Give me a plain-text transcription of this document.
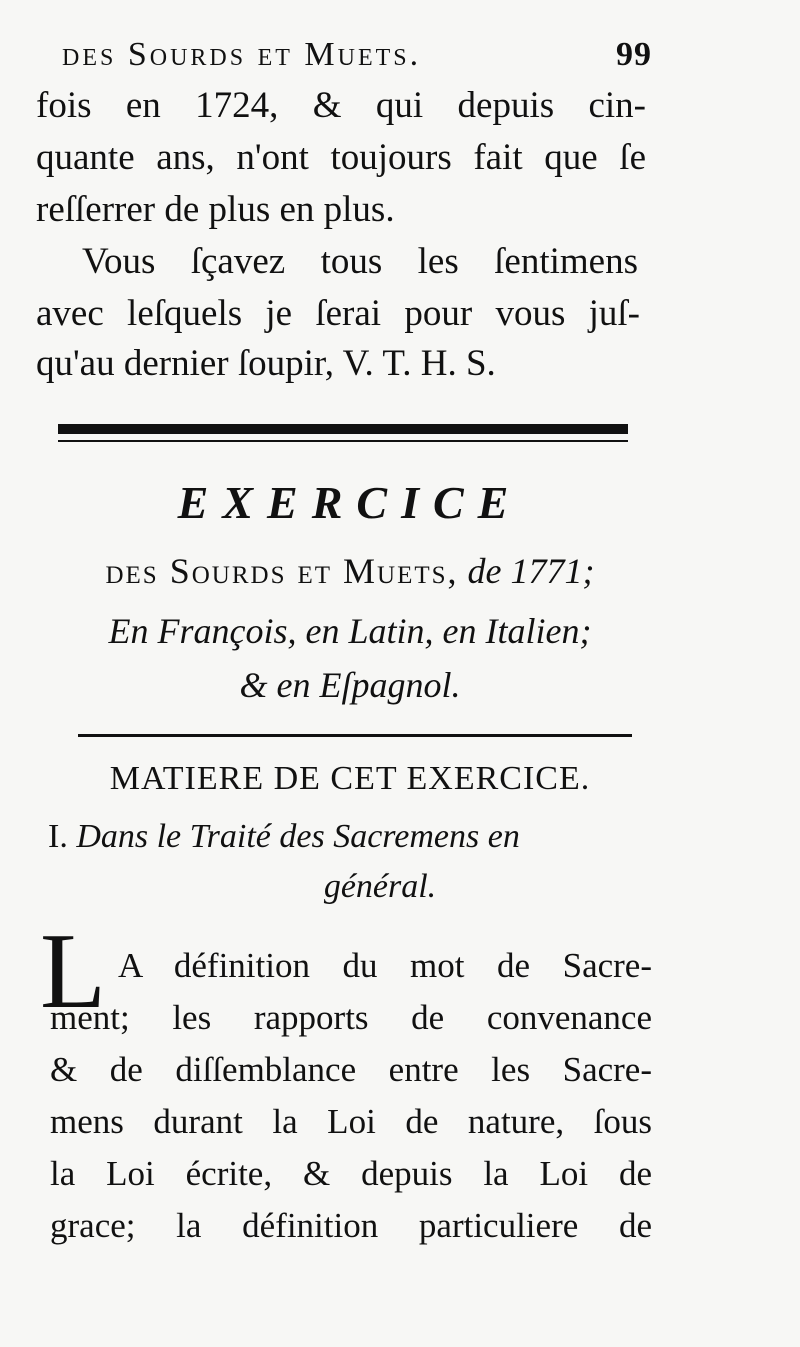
des Sourds et Muets.	99
fois en 1724, & qui depuis cin-
quante ans, n'ont toujours fait que ſe
reſſerrer de plus en plus.
Vous ſçavez tous les ſentimens
avec leſquels je ſerai pour vous juſ-
qu'au dernier ſoupir, V. T. H. S.
EXERCICE
des Sourds et Muets, de 1771;
En François, en Latin, en Italien;
& en Eſpagnol.
MATIERE DE CET EXERCICE.
I. Dans le Traité des Sacremens en
général.
L A définition du mot de Sacre-
ment; les rapports de convenance
& de diſſemblance entre les Sacre-
mens durant la Loi de nature, ſous
la Loi écrite, & depuis la Loi de
grace; la définition particuliere de
